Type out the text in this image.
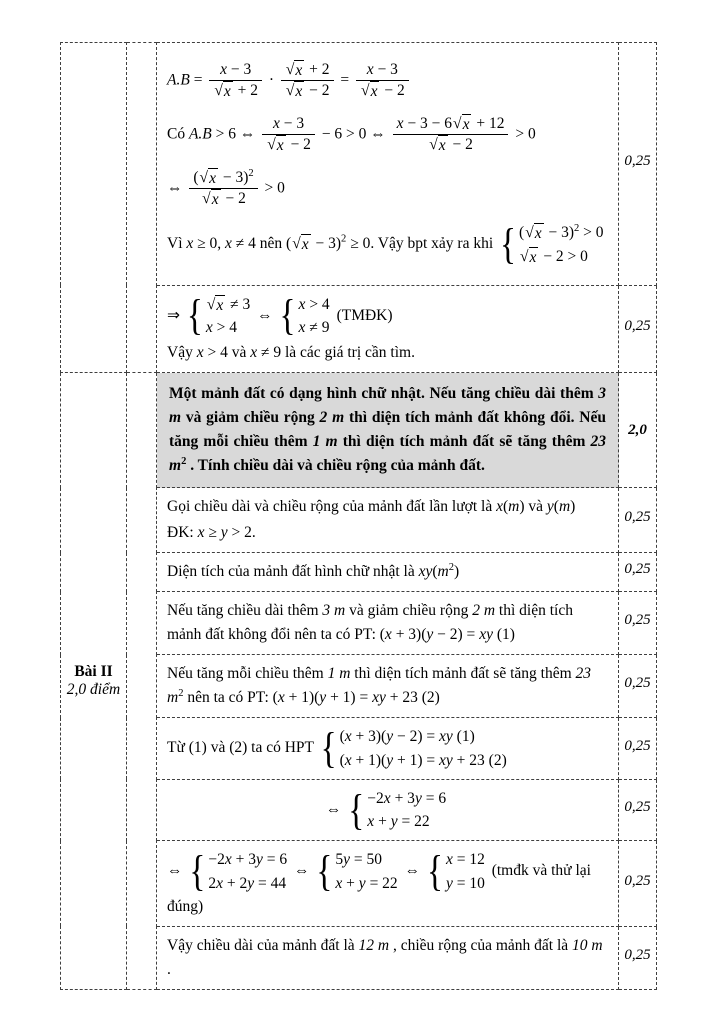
$A.B = \frac{x - 3}{√ x + 2} \cdot \frac{√ x + 2}{√ x - 2} = \frac{x - 3}{√ x - 2}$
Có A.B > 6 ⇔ $\frac{x - 3}{√ x - 2} - 6 > 0$ ⇔ $\frac{x - 3 - 6 √ x + 12}{√ x - 2} > 0$
⇔ $\frac{( √ x - 3)^2}{√ x - 2} > 0$
Vì x ≥ 0, x ≠ 4 nên ( √ x − 3)$^2$ ≥ 0. Vậy bpt xảy ra khi { ( √ x − 3)$^2$ > 0
√ x − 2 > 0
	0,25

⇒ { √ x ≠ 3
x > 4
⇔ { x > 4
x ≠ 9
(TMĐK)
Vậy x > 4 và x ≠ 9 là các giá trị cần tìm.
	0,25

Bài II
2,0 điểm		Một mảnh đất có dạng hình chữ nhật. Nếu tăng chiều dài thêm 3 m và giảm chiều rộng 2 m thì diện tích mảnh đất không đổi. Nếu tăng mỗi chiều thêm 1 m thì diện tích mảnh đất sẽ tăng thêm 23 $m^2$ . Tính chiều dài và chiều rộng của mảnh đất.	2,0

		Gọi chiều dài và chiều rộng của mảnh đất lần lượt là x(m) và y(m)
ĐK: x ≥ y > 2.	0,25

		Diện tích của mảnh đất hình chữ nhật là $xy(m^2)$	0,25

		Nếu tăng chiều dài thêm 3 m và giảm chiều rộng 2 m thì diện tích mảnh đất không đổi nên ta có PT: (x + 3)(y − 2) = xy (1)	0,25

		Nếu tăng mỗi chiều thêm 1 m thì diện tích mảnh đất sẽ tăng thêm 23 $m^2$ nên ta có PT: (x + 1)(y + 1) = xy + 23 (2)	0,25

		Từ (1) và (2) ta có HPT { (x + 3)(y − 2) = xy (1)
(x + 1)(y + 1) = xy + 23 (2)	0,25

		⇔ { −2x + 3y = 6
x + y = 22	0,25

⇔ { −2x + 3y = 6
2x + 2y = 44
⇔ { 5y = 50
x + y = 22
⇔ { x = 12
y = 10
(tmđk và thử lại đúng)
	0,25

		Vậy chiều dài của mảnh đất là 12 m , chiều rộng của mảnh đất là 10 m .	0,25
